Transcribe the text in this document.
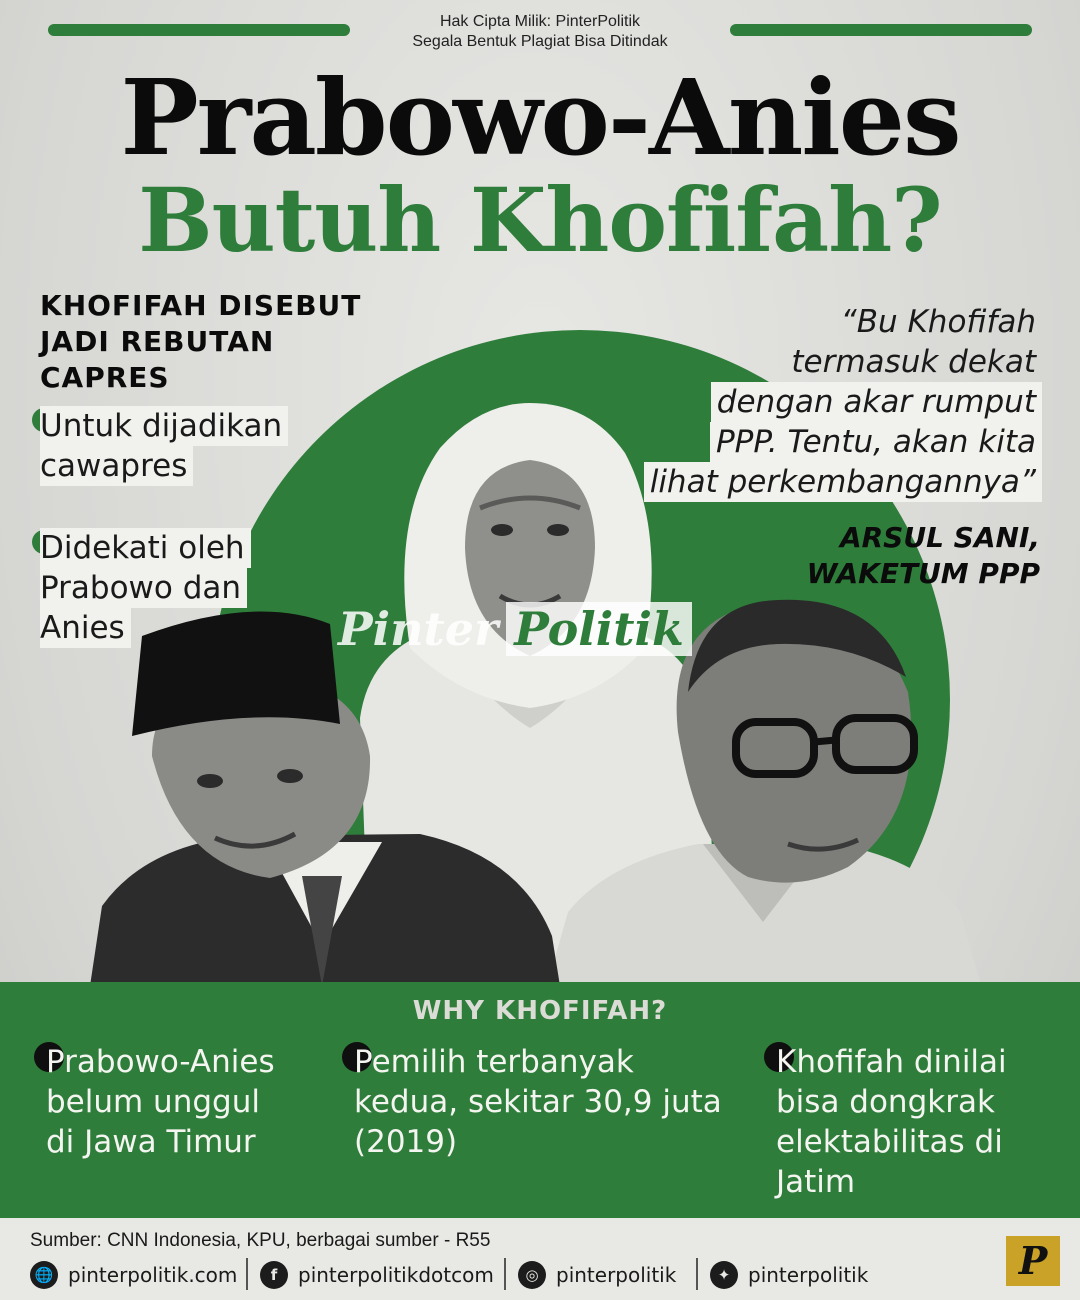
Hak Cipta Milik: PinterPolitik
Segala Bentuk Plagiat Bisa Ditindak
Prabowo-Anies
Butuh Khofifah?
Pinter Politik
KHOFIFAH DISEBUT
JADI REBUTAN
CAPRES
Untuk dijadikan
cawapres
Didekati oleh
Prabowo dan
Anies
“Bu Khofifah
termasuk dekat
dengan akar rumput
PPP. Tentu, akan kita
lihat perkembangannya”
ARSUL SANI,
WAKETUM PPP
WHY KHOFIFAH?
Prabowo-Anies
belum unggul
di Jawa Timur
Pemilih terbanyak
kedua, sekitar 30,9 juta
(2019)
Khofifah dinilai
bisa dongkrak
elektabilitas di
Jatim
Sumber: CNN Indonesia, KPU, berbagai sumber - R55
🌐 pinterpolitik.com	f	pinterpolitikdotcom	◎ pinterpolitik	✦ pinterpolitik	P
